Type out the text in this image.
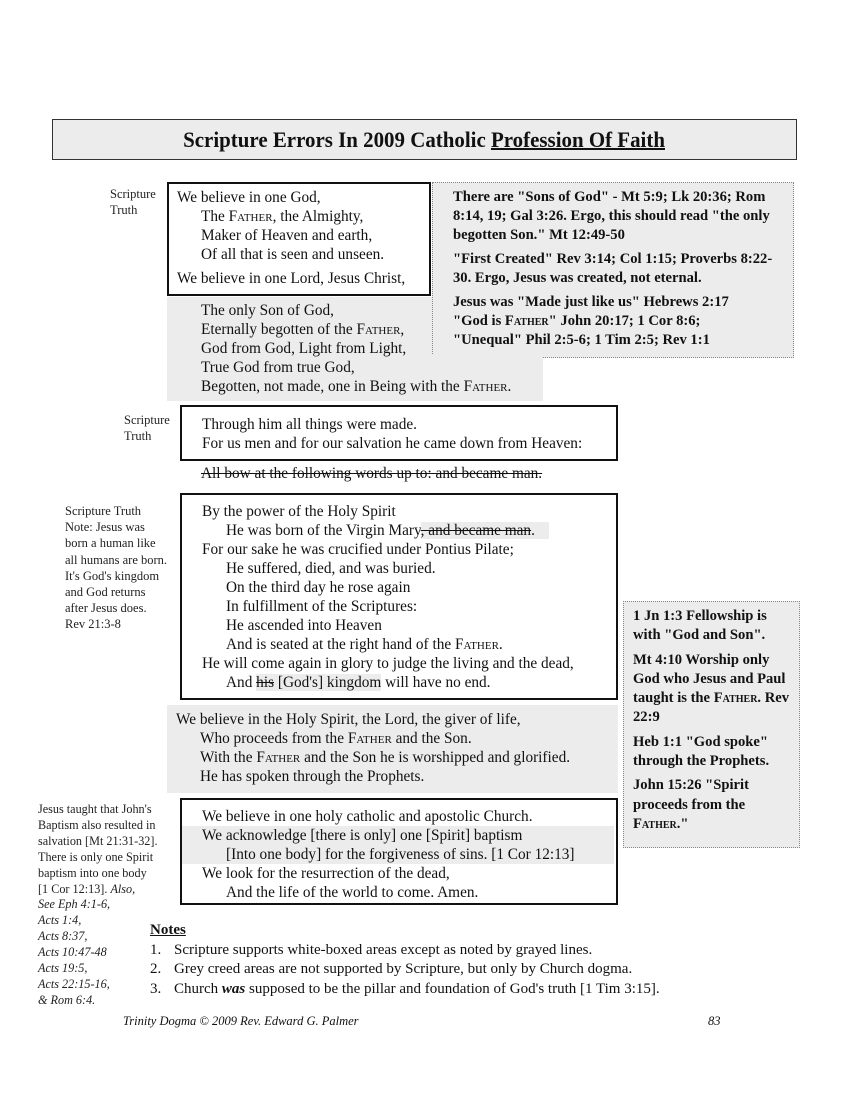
Scripture Errors In 2009 Catholic Profession Of Faith
Scripture
Truth
We believe in one God,
The Father, the Almighty,
Maker of Heaven and earth,
Of all that is seen and unseen.
We believe in one Lord, Jesus Christ,

There are "Sons of God" - Mt 5:9; Lk 20:36; Rom 8:14, 19; Gal 3:26. Ergo, this should read "the only begotten Son." Mt 12:49-50

"First Created" Rev 3:14; Col 1:15; Proverbs 8:22-30. Ergo, Jesus was created, not eternal.

Jesus was "Made just like us" Hebrews 2:17
"God is Father" John 20:17; 1 Cor 8:6;
"Unequal" Phil 2:5-6; 1 Tim 2:5; Rev 1:1

The only Son of God,
Eternally begotten of the Father,
God from God, Light from Light,
True God from true God,
Begotten, not made, one in Being with the Father.
Scripture
Truth
Through him all things were made.
For us men and for our salvation he came down from Heaven:
All bow at the following words up to: and became man.
Scripture Truth
Note: Jesus was
born a human like
all humans are born.
It's God's kingdom
and God returns
after Jesus does.
Rev 21:3-8
By the power of the Holy Spirit
He was born of the Virgin Mary, and became man.
For our sake he was crucified under Pontius Pilate;
He suffered, died, and was buried.
On the third day he rose again
In fulfillment of the Scriptures:
He ascended into Heaven
And is seated at the right hand of the Father.
He will come again in glory to judge the living and the dead,
And his [God's] kingdom will have no end.

1 Jn 1:3 Fellowship is with "God and Son".

Mt 4:10 Worship only God who Jesus and Paul taught is the Father. Rev 22:9

Heb 1:1 "God spoke" through the Prophets.

John 15:26 "Spirit proceeds from the Father."

We believe in the Holy Spirit, the Lord, the giver of life,
Who proceeds from the Father and the Son.
With the Father and the Son he is worshipped and glorified.
He has spoken through the Prophets.
Jesus taught that John's
Baptism also resulted in
salvation [Mt 21:31-32].
There is only one Spirit
baptism into one body
[1 Cor 12:13]. Also,
See Eph 4:1-6,
Acts 1:4,
Acts 8:37,
Acts 10:47-48
Acts 19:5,
Acts 22:15-16,
& Rom 6:4.
We believe in one holy catholic and apostolic Church.
We acknowledge [there is only] one [Spirit] baptism
[Into one body] for the forgiveness of sins. [1 Cor 12:13]
We look for the resurrection of the dead,
And the life of the world to come. Amen.
Notes
1. Scripture supports white-boxed areas except as noted by grayed lines.
2. Grey creed areas are not supported by Scripture, but only by Church dogma.
3. Church was supposed to be the pillar and foundation of God's truth [1 Tim 3:15].
Trinity Dogma © 2009 Rev. Edward G. Palmer	83
